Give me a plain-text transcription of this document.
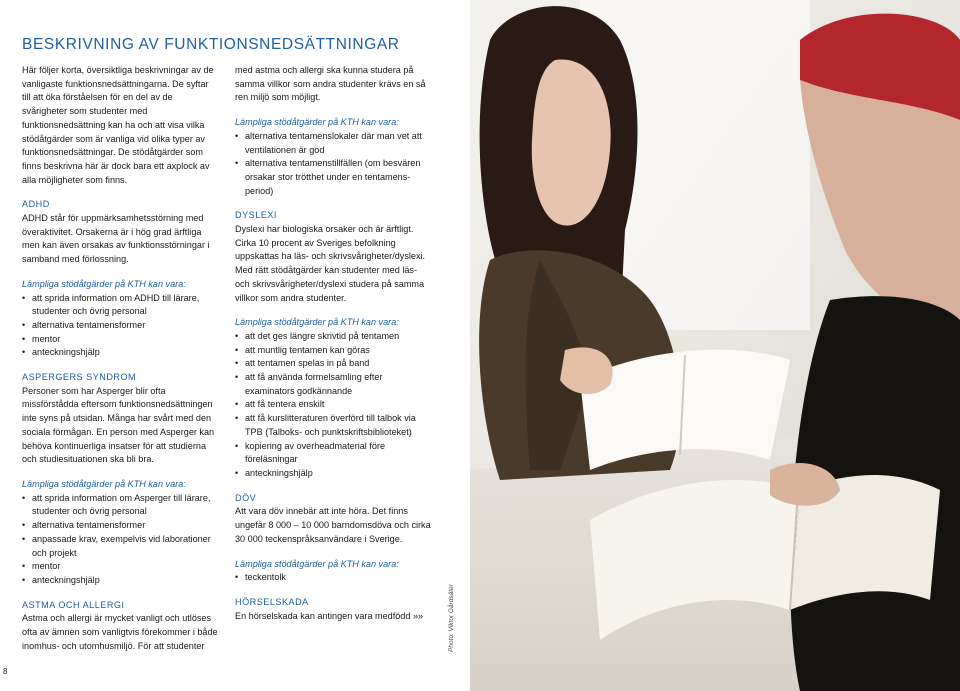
BESKRIVNING AV FUNKTIONSNEDSÄTTNINGAR

Här följer korta, översiktliga beskrivningar av de vanligaste funktionsnedsättningarna. De syftar till att öka förståelsen för en del av de svårigheter som studenter med funktionsnedsättning kan ha och att visa vilka stödåtgärder som är vanliga vid olika typer av funktionsnedsättningar. De stödåtgärder som finns beskrivna här är dock bara ett axplock av alla möjligheter som finns.

ADHD

ADHD står för uppmärksamhetsstörning med överaktivitet. Orsakerna är i hög grad ärftliga men kan även orsakas av funktionsstörningar i samband med förlossning.

Lämpliga stödåtgärder på KTH kan vara:

• att sprida information om ADHD till lärare, studenter och övrig personal
• alternativa tentamensformer
• mentor
• anteckningshjälp

ASPERGERS SYNDROM

Personer som har Asperger blir ofta missförstådda eftersom funktionsnedsättningen inte syns på utsidan. Många har svårt med den sociala förmågan. En person med Asperger kan behöva kontinuerliga insatser för att studierna och studiesituationen ska bli bra.

Lämpliga stödåtgärder på KTH kan vara:

• att sprida information om Asperger till lärare, studenter och övrig personal
• alternativa tentamensformer
• anpassade krav, exempelvis vid laborationer och projekt
• mentor
• anteckningshjälp

ASTMA OCH ALLERGI

Astma och allergi är mycket vanligt och utlöses ofta av ämnen som vanligtvis förekommer i både inomhus- och utomhusmiljö. För att studenter

med astma och allergi ska kunna studera på samma villkor som andra studenter krävs en så ren miljö som möjligt.

Lämpliga stödåtgärder på KTH kan vara:

• alternativa tentamenslokaler där man vet att ventilationen är god
• alternativa tentamenstillfällen (om besvären orsakar stor trötthet under en tentamensperiod)

DYSLEXI

Dyslexi har biologiska orsaker och är ärftligt. Cirka 10 procent av Sveriges befolkning uppskattas ha läs- och skrivsvårigheter/dyslexi. Med rätt stödåtgärder kan studenter med läs- och skrivsvårigheter/dyslexi studera på samma villkor som andra studenter.

Lämpliga stödåtgärder på KTH kan vara:

• att det ges längre skrivtid på tentamen
• att muntlig tentamen kan göras
• att tentamen spelas in på band
• att få använda formelsamling efter examinators godkännande
• att få tentera enskilt
• att få kurslitteraturen överförd till talbok via TPB (Talboks- och punktskriftsbiblioteket)
• kopiering av overheadmaterial före föreläsningar
• anteckningshjälp

DÖV

Att vara döv innebär att inte höra. Det finns ungefär 8 000 – 10 000 barndomsdöva och cirka 30 000 teckenspråksanvändare i Sverige.

Lämpliga stödåtgärder på KTH kan vara:

• teckentolk

HÖRSELSKADA

En hörselskada kan antingen vara medfödd »»	Photo: Viktor Gårdsäter
8
